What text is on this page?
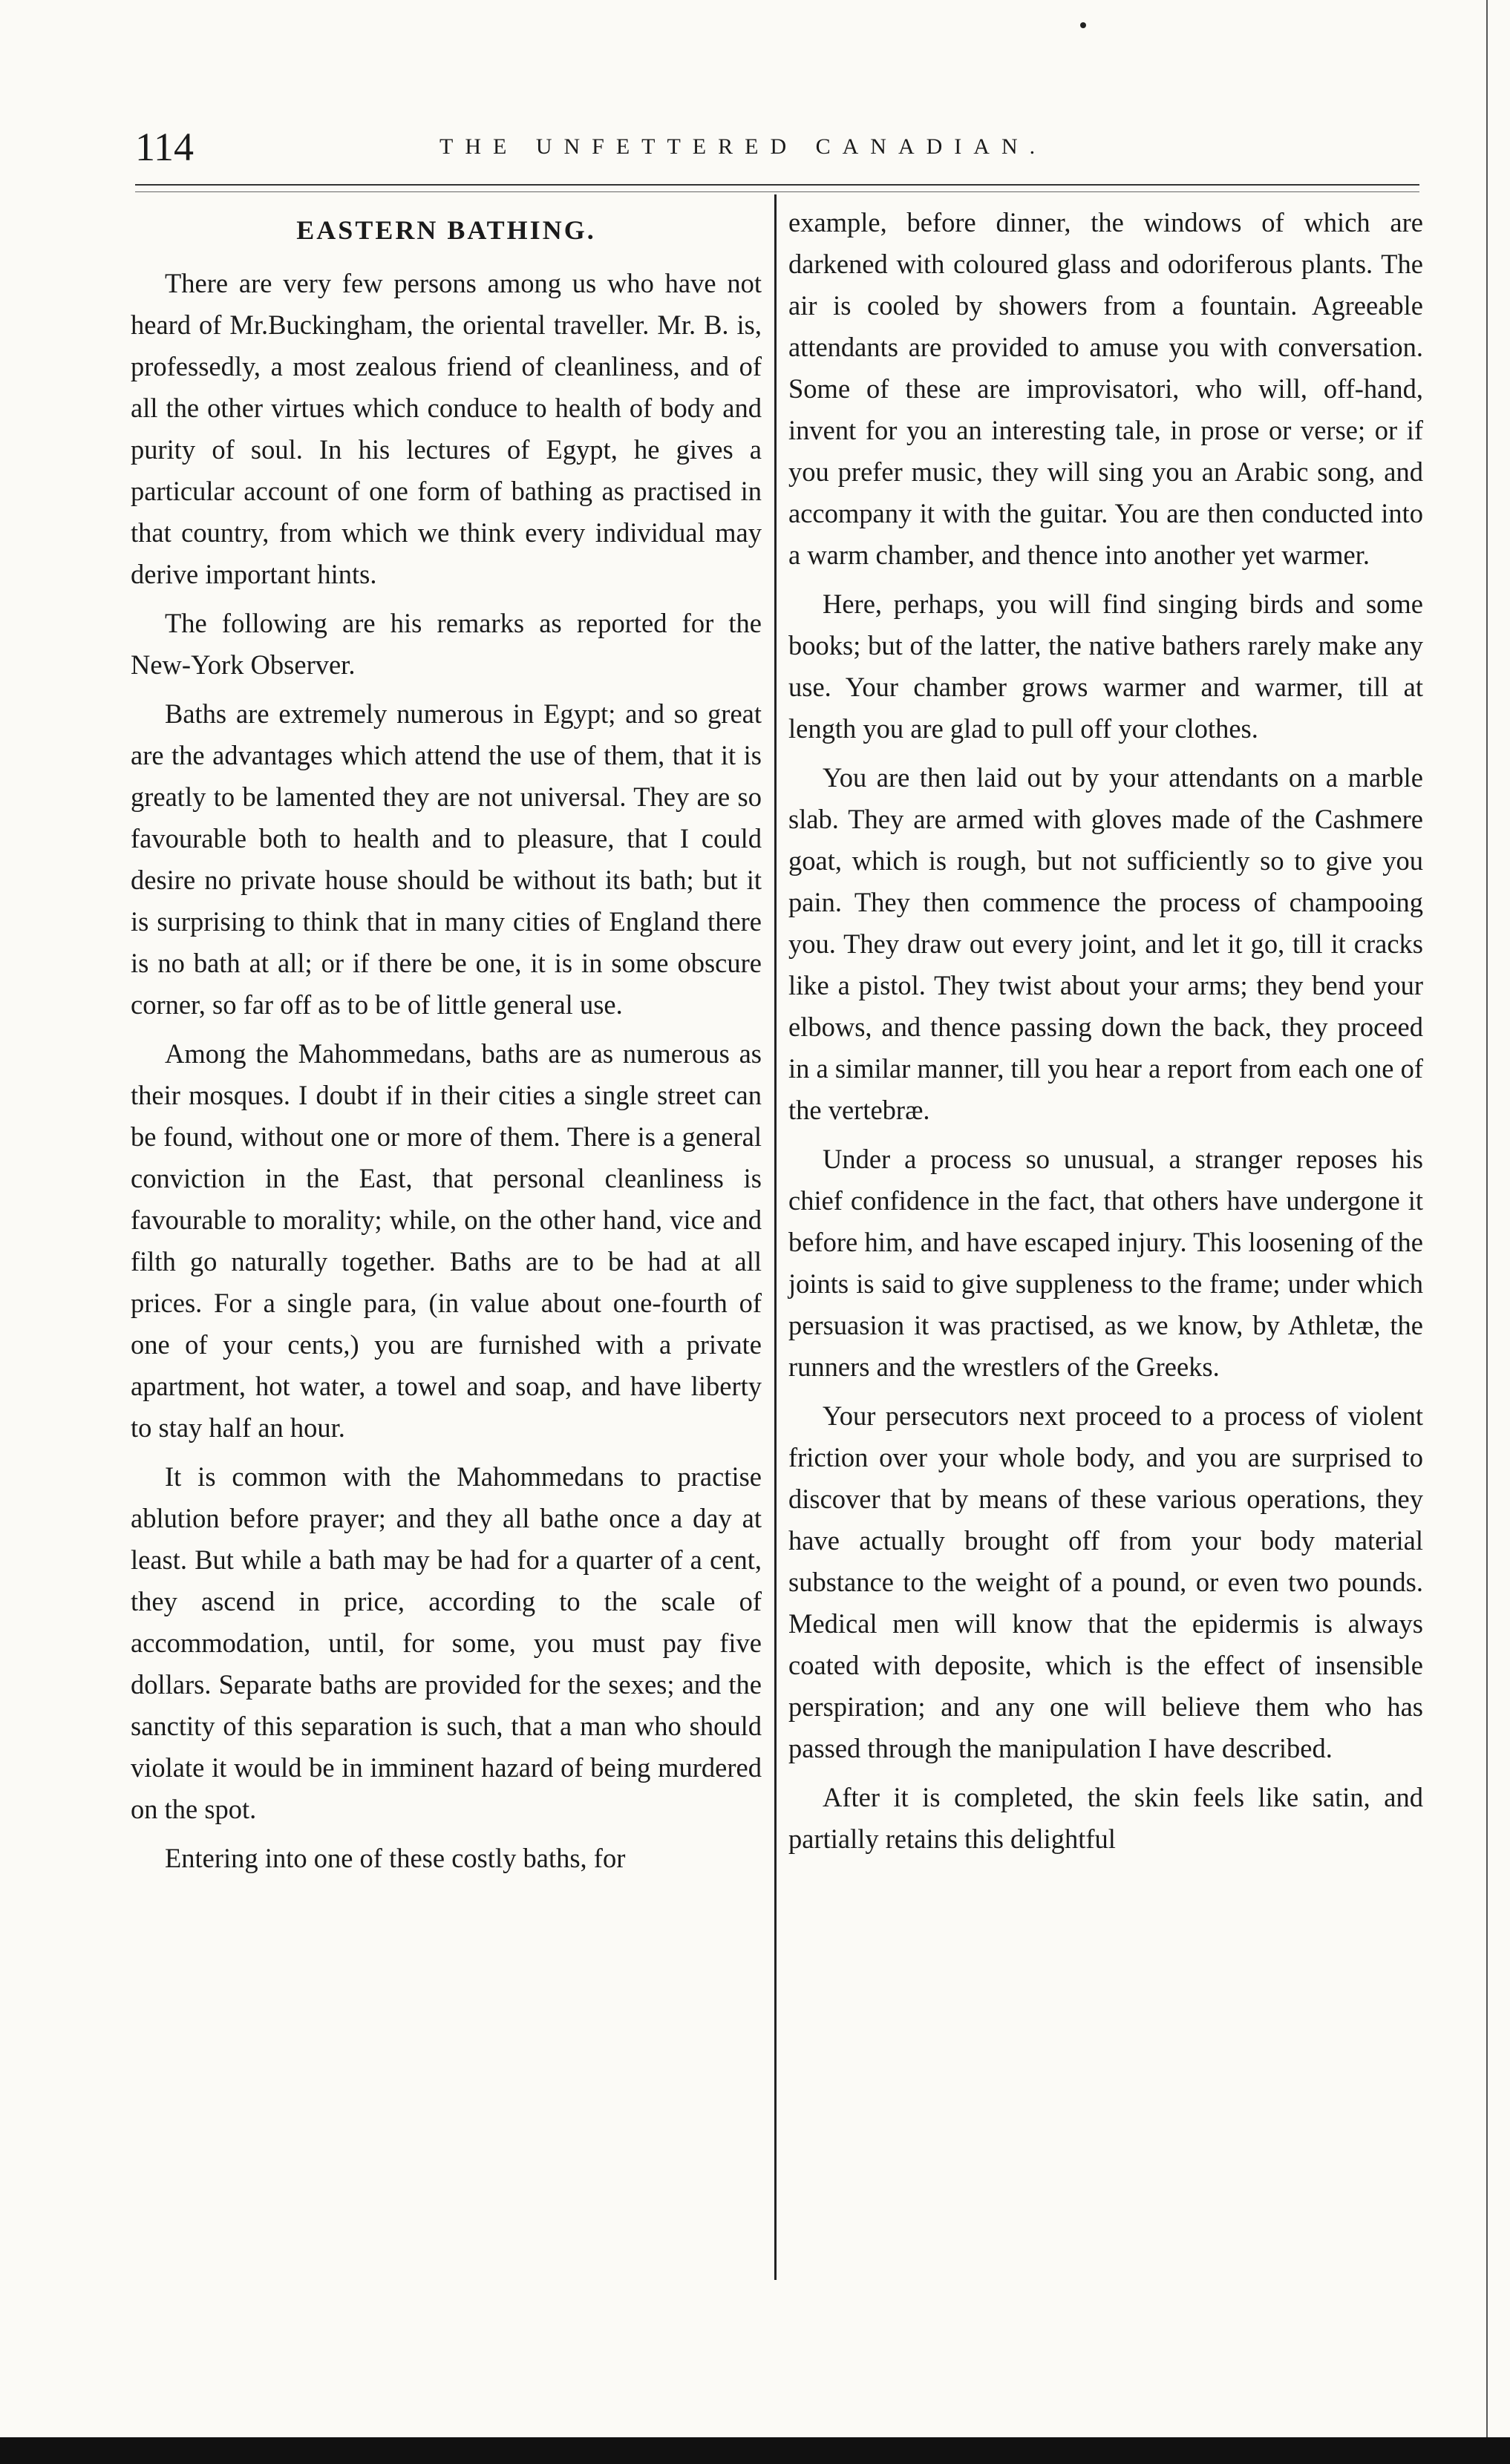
114	THE UNFETTERED CANADIAN.
EASTERN BATHING.

There are very few persons among us who have not heard of Mr.Buckingham, the oriental traveller. Mr. B. is, professedly, a most zealous friend of cleanliness, and of all the other virtues which conduce to health of body and purity of soul. In his lectures of Egypt, he gives a particular account of one form of bathing as practised in that country, from which we think every individual may derive important hints.

The following are his remarks as reported for the New-York Observer.

Baths are extremely numerous in Egypt; and so great are the advantages which attend the use of them, that it is greatly to be lamented they are not universal. They are so favourable both to health and to pleasure, that I could desire no private house should be without its bath; but it is surprising to think that in many cities of England there is no bath at all; or if there be one, it is in some obscure corner, so far off as to be of little general use.

Among the Mahommedans, baths are as numerous as their mosques. I doubt if in their cities a single street can be found, without one or more of them. There is a general conviction in the East, that personal cleanliness is favourable to morality; while, on the other hand, vice and filth go naturally together. Baths are to be had at all prices. For a single para, (in value about one-fourth of one of your cents,) you are furnished with a private apartment, hot water, a towel and soap, and have liberty to stay half an hour.

It is common with the Mahommedans to practise ablution before prayer; and they all bathe once a day at least. But while a bath may be had for a quarter of a cent, they ascend in price, according to the scale of accommodation, until, for some, you must pay five dollars. Separate baths are provided for the sexes; and the sanctity of this separation is such, that a man who should violate it would be in imminent hazard of being murdered on the spot.

Entering into one of these costly baths, for

example, before dinner, the windows of which are darkened with coloured glass and odoriferous plants. The air is cooled by showers from a fountain. Agreeable attendants are provided to amuse you with conversation. Some of these are improvisatori, who will, off-hand, invent for you an interesting tale, in prose or verse; or if you prefer music, they will sing you an Arabic song, and accompany it with the guitar. You are then conducted into a warm chamber, and thence into another yet warmer.

Here, perhaps, you will find singing birds and some books; but of the latter, the native bathers rarely make any use. Your chamber grows warmer and warmer, till at length you are glad to pull off your clothes.

You are then laid out by your attendants on a marble slab. They are armed with gloves made of the Cashmere goat, which is rough, but not sufficiently so to give you pain. They then commence the process of champooing you. They draw out every joint, and let it go, till it cracks like a pistol. They twist about your arms; they bend your elbows, and thence passing down the back, they proceed in a similar manner, till you hear a report from each one of the vertebræ.

Under a process so unusual, a stranger reposes his chief confidence in the fact, that others have undergone it before him, and have escaped injury. This loosening of the joints is said to give suppleness to the frame; under which persuasion it was practised, as we know, by Athletæ, the runners and the wrestlers of the Greeks.

Your persecutors next proceed to a process of violent friction over your whole body, and you are surprised to discover that by means of these various operations, they have actually brought off from your body material substance to the weight of a pound, or even two pounds. Medical men will know that the epidermis is always coated with deposite, which is the effect of insensible perspiration; and any one will believe them who has passed through the manipulation I have described.

After it is completed, the skin feels like satin, and partially retains this delightful
